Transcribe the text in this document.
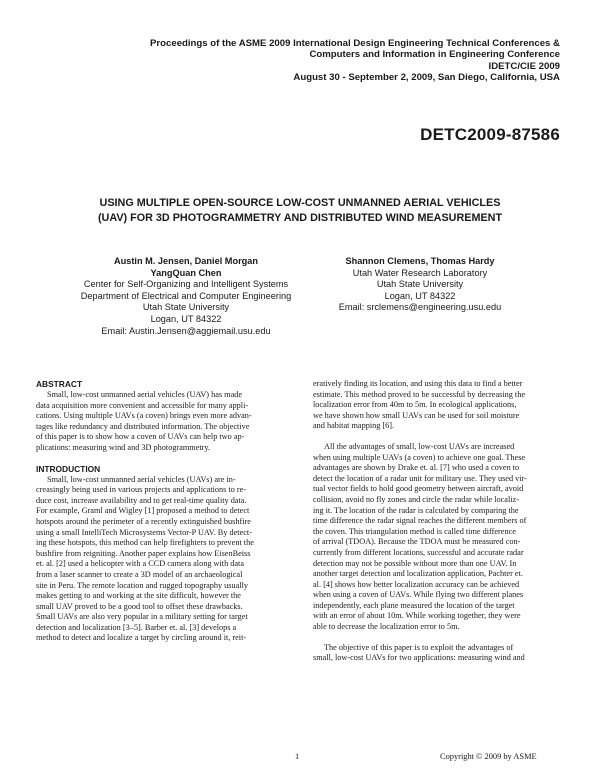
Proceedings of the ASME 2009 International Design Engineering Technical Conferences &
Computers and Information in Engineering Conference
IDETC/CIE 2009
August 30 - September 2, 2009, San Diego, California, USA
DETC2009-87586
USING MULTIPLE OPEN-SOURCE LOW-COST UNMANNED AERIAL VEHICLES
(UAV) FOR 3D PHOTOGRAMMETRY AND DISTRIBUTED WIND MEASUREMENT
Austin M. Jensen, Daniel Morgan
YangQuan Chen
Center for Self-Organizing and Intelligent Systems
Department of Electrical and Computer Engineering
Utah State University
Logan, UT 84322
Email: Austin.Jensen@aggiemail.usu.edu
Shannon Clemens, Thomas Hardy
Utah Water Research Laboratory
Utah State University
Logan, UT 84322
Email: srclemens@engineering.usu.edu
ABSTRACT
Small, low-cost unmanned aerial vehicles (UAV) has made
data acquisition more convenient and accessible for many appli-
cations. Using multiple UAVs (a coven) brings even more advan-
tages like redundancy and distributed information. The objective
of this paper is to show how a coven of UAVs can help two ap-
plications: measuring wind and 3D photogrammetry.
INTRODUCTION
Small, low-cost unmanned aerial vehicles (UAVs) are in-
creasingly being used in various projects and applications to re-
duce cost, increase availability and to get real-time quality data.
For example, Graml and Wigley [1] proposed a method to detect
hotspots around the perimeter of a recently extinguished bushfire
using a small IntelliTech Microsystems Vector-P UAV. By detect-
ing these hotspots, this method can help firefighters to prevent the
bushfire from reigniting. Another paper explains how EisenBeiss
et. al. [2] used a helicopter with a CCD camera along with data
from a laser scanner to create a 3D model of an archaeological
site in Peru. The remote location and rugged topography usually
makes getting to and working at the site difficult, however the
small UAV proved to be a good tool to offset these drawbacks.
Small UAVs are also very popular in a military setting for target
detection and localization [3–5]. Barber et. al. [3] develops a
method to detect and localize a target by circling around it, reit-
eratively finding its location, and using this data to find a better
estimate. This method proved to be successful by decreasing the
localization error from 40m to 5m. In ecological applications,
we have shown how small UAVs can be used for soil moisture
and habitat mapping [6].
All the advantages of small, low-cost UAVs are increased
when using multiple UAVs (a coven) to achieve one goal. These
advantages are shown by Drake et. al. [7] who used a coven to
detect the location of a radar unit for military use. They used vir-
tual vector fields to hold good geometry between aircraft, avoid
collision, avoid no fly zones and circle the radar while localiz-
ing it. The location of the radar is calculated by comparing the
time difference the radar signal reaches the different members of
the coven. This triangulation method is called time difference
of arrival (TDOA). Because the TDOA must be measured con-
currently from different locations, successful and accurate radar
detection may not be possible without more than one UAV. In
another target detection and localization application, Pachter et.
al. [4] shows how better localization accuracy can be achieved
when using a coven of UAVs. While flying two different planes
independently, each plane measured the location of the target
with an error of about 10m. While working together, they were
able to decrease the localization error to 5m.
The objective of this paper is to exploit the advantages of
small, low-cost UAVs for two applications: measuring wind and
1	Copyright © 2009 by ASME
